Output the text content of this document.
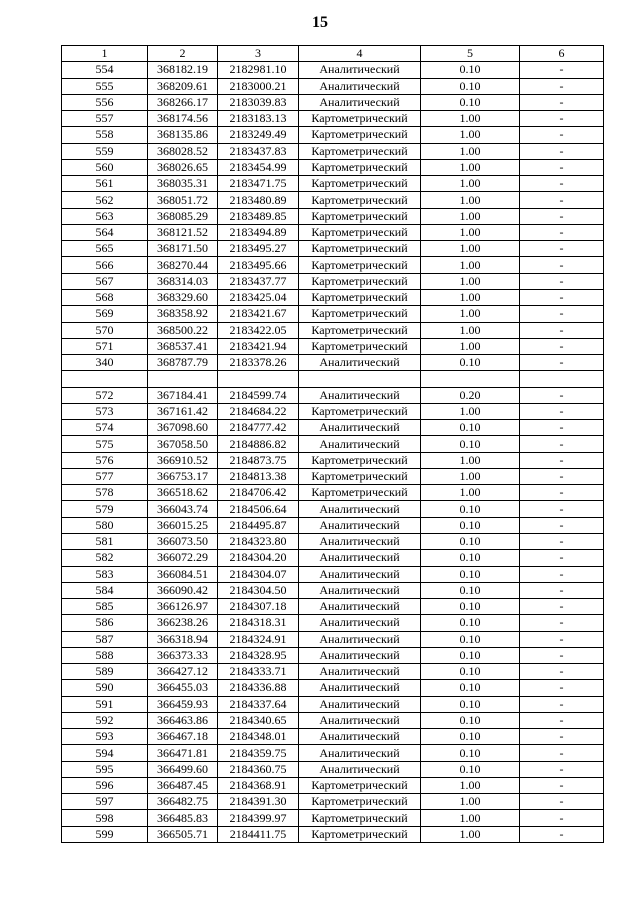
15
1	2	3	4	5	6
554	368182.19	2182981.10	Аналитический	0.10	-
555	368209.61	2183000.21	Аналитический	0.10	-
556	368266.17	2183039.83	Аналитический	0.10	-
557	368174.56	2183183.13	Картометрический	1.00	-
558	368135.86	2183249.49	Картометрический	1.00	-
559	368028.52	2183437.83	Картометрический	1.00	-
560	368026.65	2183454.99	Картометрический	1.00	-
561	368035.31	2183471.75	Картометрический	1.00	-
562	368051.72	2183480.89	Картометрический	1.00	-
563	368085.29	2183489.85	Картометрический	1.00	-
564	368121.52	2183494.89	Картометрический	1.00	-
565	368171.50	2183495.27	Картометрический	1.00	-
566	368270.44	2183495.66	Картометрический	1.00	-
567	368314.03	2183437.77	Картометрический	1.00	-
568	368329.60	2183425.04	Картометрический	1.00	-
569	368358.92	2183421.67	Картометрический	1.00	-
570	368500.22	2183422.05	Картометрический	1.00	-
571	368537.41	2183421.94	Картометрический	1.00	-
340	368787.79	2183378.26	Аналитический	0.10	-

572	367184.41	2184599.74	Аналитический	0.20	-
573	367161.42	2184684.22	Картометрический	1.00	-
574	367098.60	2184777.42	Аналитический	0.10	-
575	367058.50	2184886.82	Аналитический	0.10	-
576	366910.52	2184873.75	Картометрический	1.00	-
577	366753.17	2184813.38	Картометрический	1.00	-
578	366518.62	2184706.42	Картометрический	1.00	-
579	366043.74	2184506.64	Аналитический	0.10	-
580	366015.25	2184495.87	Аналитический	0.10	-
581	366073.50	2184323.80	Аналитический	0.10	-
582	366072.29	2184304.20	Аналитический	0.10	-
583	366084.51	2184304.07	Аналитический	0.10	-
584	366090.42	2184304.50	Аналитический	0.10	-
585	366126.97	2184307.18	Аналитический	0.10	-
586	366238.26	2184318.31	Аналитический	0.10	-
587	366318.94	2184324.91	Аналитический	0.10	-
588	366373.33	2184328.95	Аналитический	0.10	-
589	366427.12	2184333.71	Аналитический	0.10	-
590	366455.03	2184336.88	Аналитический	0.10	-
591	366459.93	2184337.64	Аналитический	0.10	-
592	366463.86	2184340.65	Аналитический	0.10	-
593	366467.18	2184348.01	Аналитический	0.10	-
594	366471.81	2184359.75	Аналитический	0.10	-
595	366499.60	2184360.75	Аналитический	0.10	-
596	366487.45	2184368.91	Картометрический	1.00	-
597	366482.75	2184391.30	Картометрический	1.00	-
598	366485.83	2184399.97	Картометрический	1.00	-
599	366505.71	2184411.75	Картометрический	1.00	-
